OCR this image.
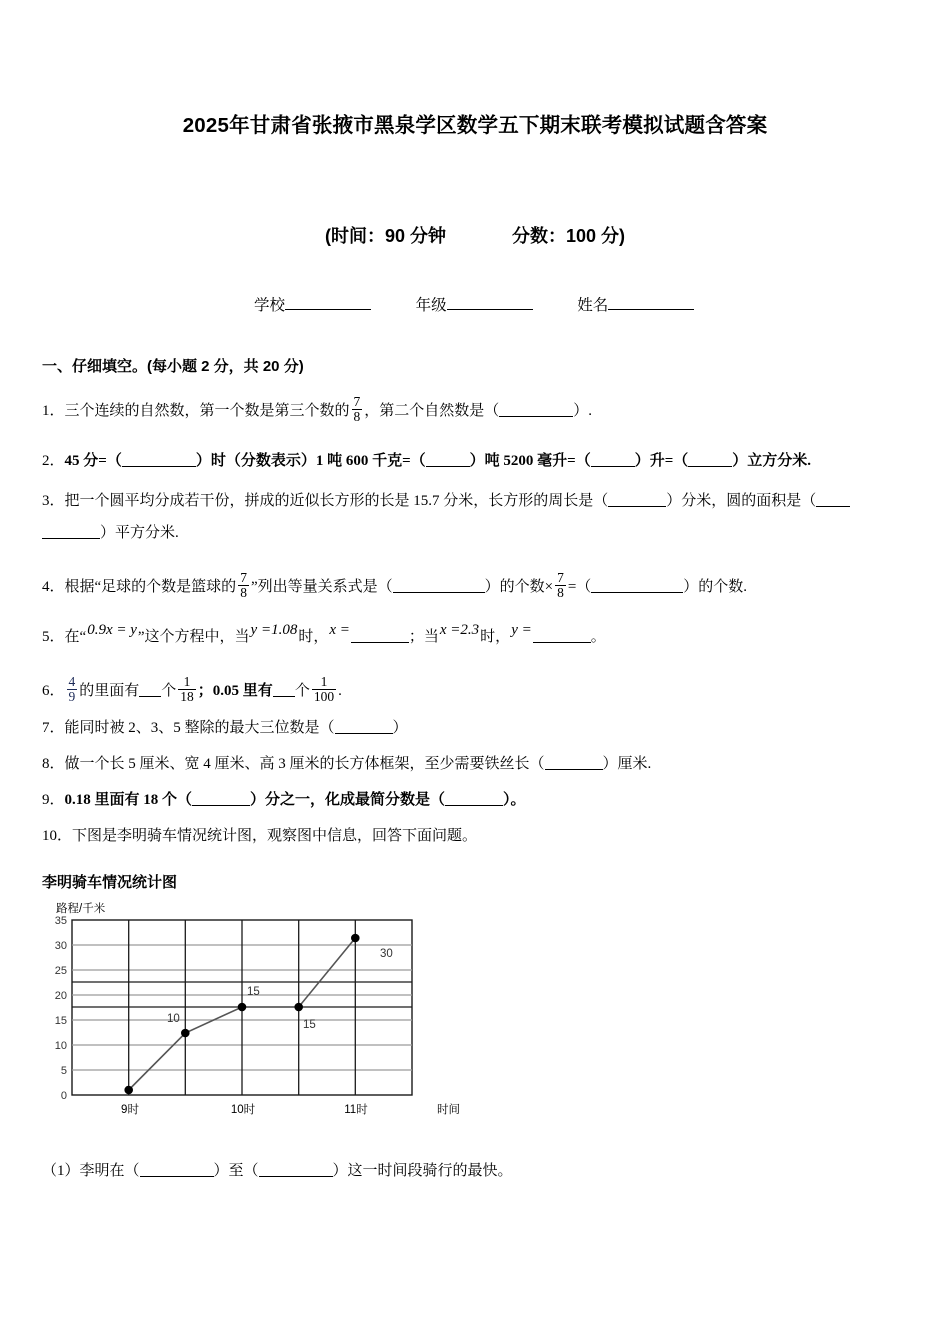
2025年甘肃省张掖市黑泉学区数学五下期末联考模拟试题含答案

(时间：90 分钟	分数：100 分)

学校	年级	姓名

一、仔细填空。(每小题 2 分，共 20 分)

1．三个连续的自然数，第一个数是第三个数的 $\frac{7}{8}$ ，第二个自然数是（	）.

2．45 分=（	）时（分数表示）1 吨 600 千克=（	）吨 5200 毫升=（	）升=（	）立方分米.

3．把一个圆平均分成若干份，拼成的近似长方形的长是 15.7 分米，长方形的周长是（	）分米，圆的面积是（

）平方分米.

4．根据“足球的个数是篮球的 $\frac{7}{8}$ ”列出等量关系式是（	）的个数× $\frac{7}{8}$ =（	）的个数.

5．在“0.9x = y”这个方程中，当y =1.08时，x =	；当x =2.3时，y =	。

6． $\frac{4}{9}$ 的里面有 个 $\frac{1}{18}$ ；0.05 里有 个 $\frac{1}{100}$ .

7．能同时被 2、3、5 整除的最大三位数是（	）

8．做一个长 5 厘米、宽 4 厘米、高 3 厘米的长方体框架，至少需要铁丝长（	）厘米.

9．0.18 里面有 18 个（	）分之一，化成最简分数是（	）。

10．下图是李明骑车情况统计图，观察图中信息，回答下面问题。

李明骑车情况统计图

路程/千米
35
30
25
20
15
10
5
0
10
15
15
30
9时	10时	11时	时间

（1）李明在（	）至（	）这一时间段骑行的最快。
